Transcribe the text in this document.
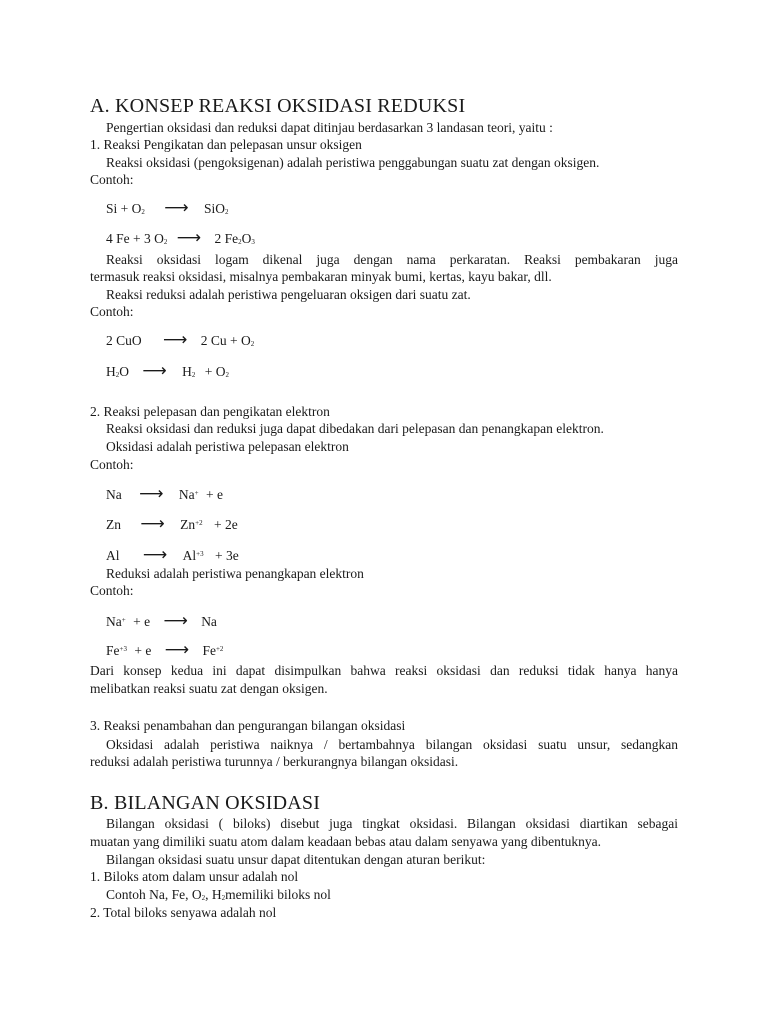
A. KONSEP REAKSI OKSIDASI REDUKSI
Pengertian oksidasi dan reduksi dapat ditinjau berdasarkan 3 landasan teori, yaitu :
1. Reaksi Pengikatan dan pelepasan unsur oksigen
Reaksi oksidasi (pengoksigenan) adalah peristiwa penggabungan suatu zat dengan oksigen.
Contoh:
Si + O2 ⟶ SiO2
4 Fe + 3 O2 ⟶ 2 Fe2O3
Reaksi oksidasi logam dikenal juga dengan nama perkaratan. Reaksi pembakaran juga
termasuk reaksi oksidasi, misalnya pembakaran minyak bumi, kertas, kayu bakar, dll.
Reaksi reduksi adalah peristiwa pengeluaran oksigen dari suatu zat.
Contoh:
2 CuO ⟶ 2 Cu + O2
H2O ⟶ H2 + O2
2. Reaksi pelepasan dan pengikatan elektron
Reaksi oksidasi dan reduksi juga dapat dibedakan dari pelepasan dan penangkapan elektron.
Oksidasi adalah peristiwa pelepasan elektron
Contoh:
Na ⟶ Na+ + e
Zn ⟶ Zn+2 + 2e
Al ⟶ Al+3 + 3e
Reduksi adalah peristiwa penangkapan elektron
Contoh:
Na+ + e ⟶ Na
Fe+3 + e ⟶ Fe+2
Dari konsep kedua ini dapat disimpulkan bahwa reaksi oksidasi dan reduksi tidak hanya hanya
melibatkan reaksi suatu zat dengan oksigen.
3. Reaksi penambahan dan pengurangan bilangan oksidasi
Oksidasi adalah peristiwa naiknya / bertambahnya bilangan oksidasi suatu unsur, sedangkan
reduksi adalah peristiwa turunnya / berkurangnya bilangan oksidasi.
B. BILANGAN OKSIDASI
Bilangan oksidasi ( biloks) disebut juga tingkat oksidasi. Bilangan oksidasi diartikan sebagai
muatan yang dimiliki suatu atom dalam keadaan bebas atau dalam senyawa yang dibentuknya.
Bilangan oksidasi suatu unsur dapat ditentukan dengan aturan berikut:
1. Biloks atom dalam unsur adalah nol
Contoh Na, Fe, O2, H2memiliki biloks nol
2. Total biloks senyawa adalah nol
